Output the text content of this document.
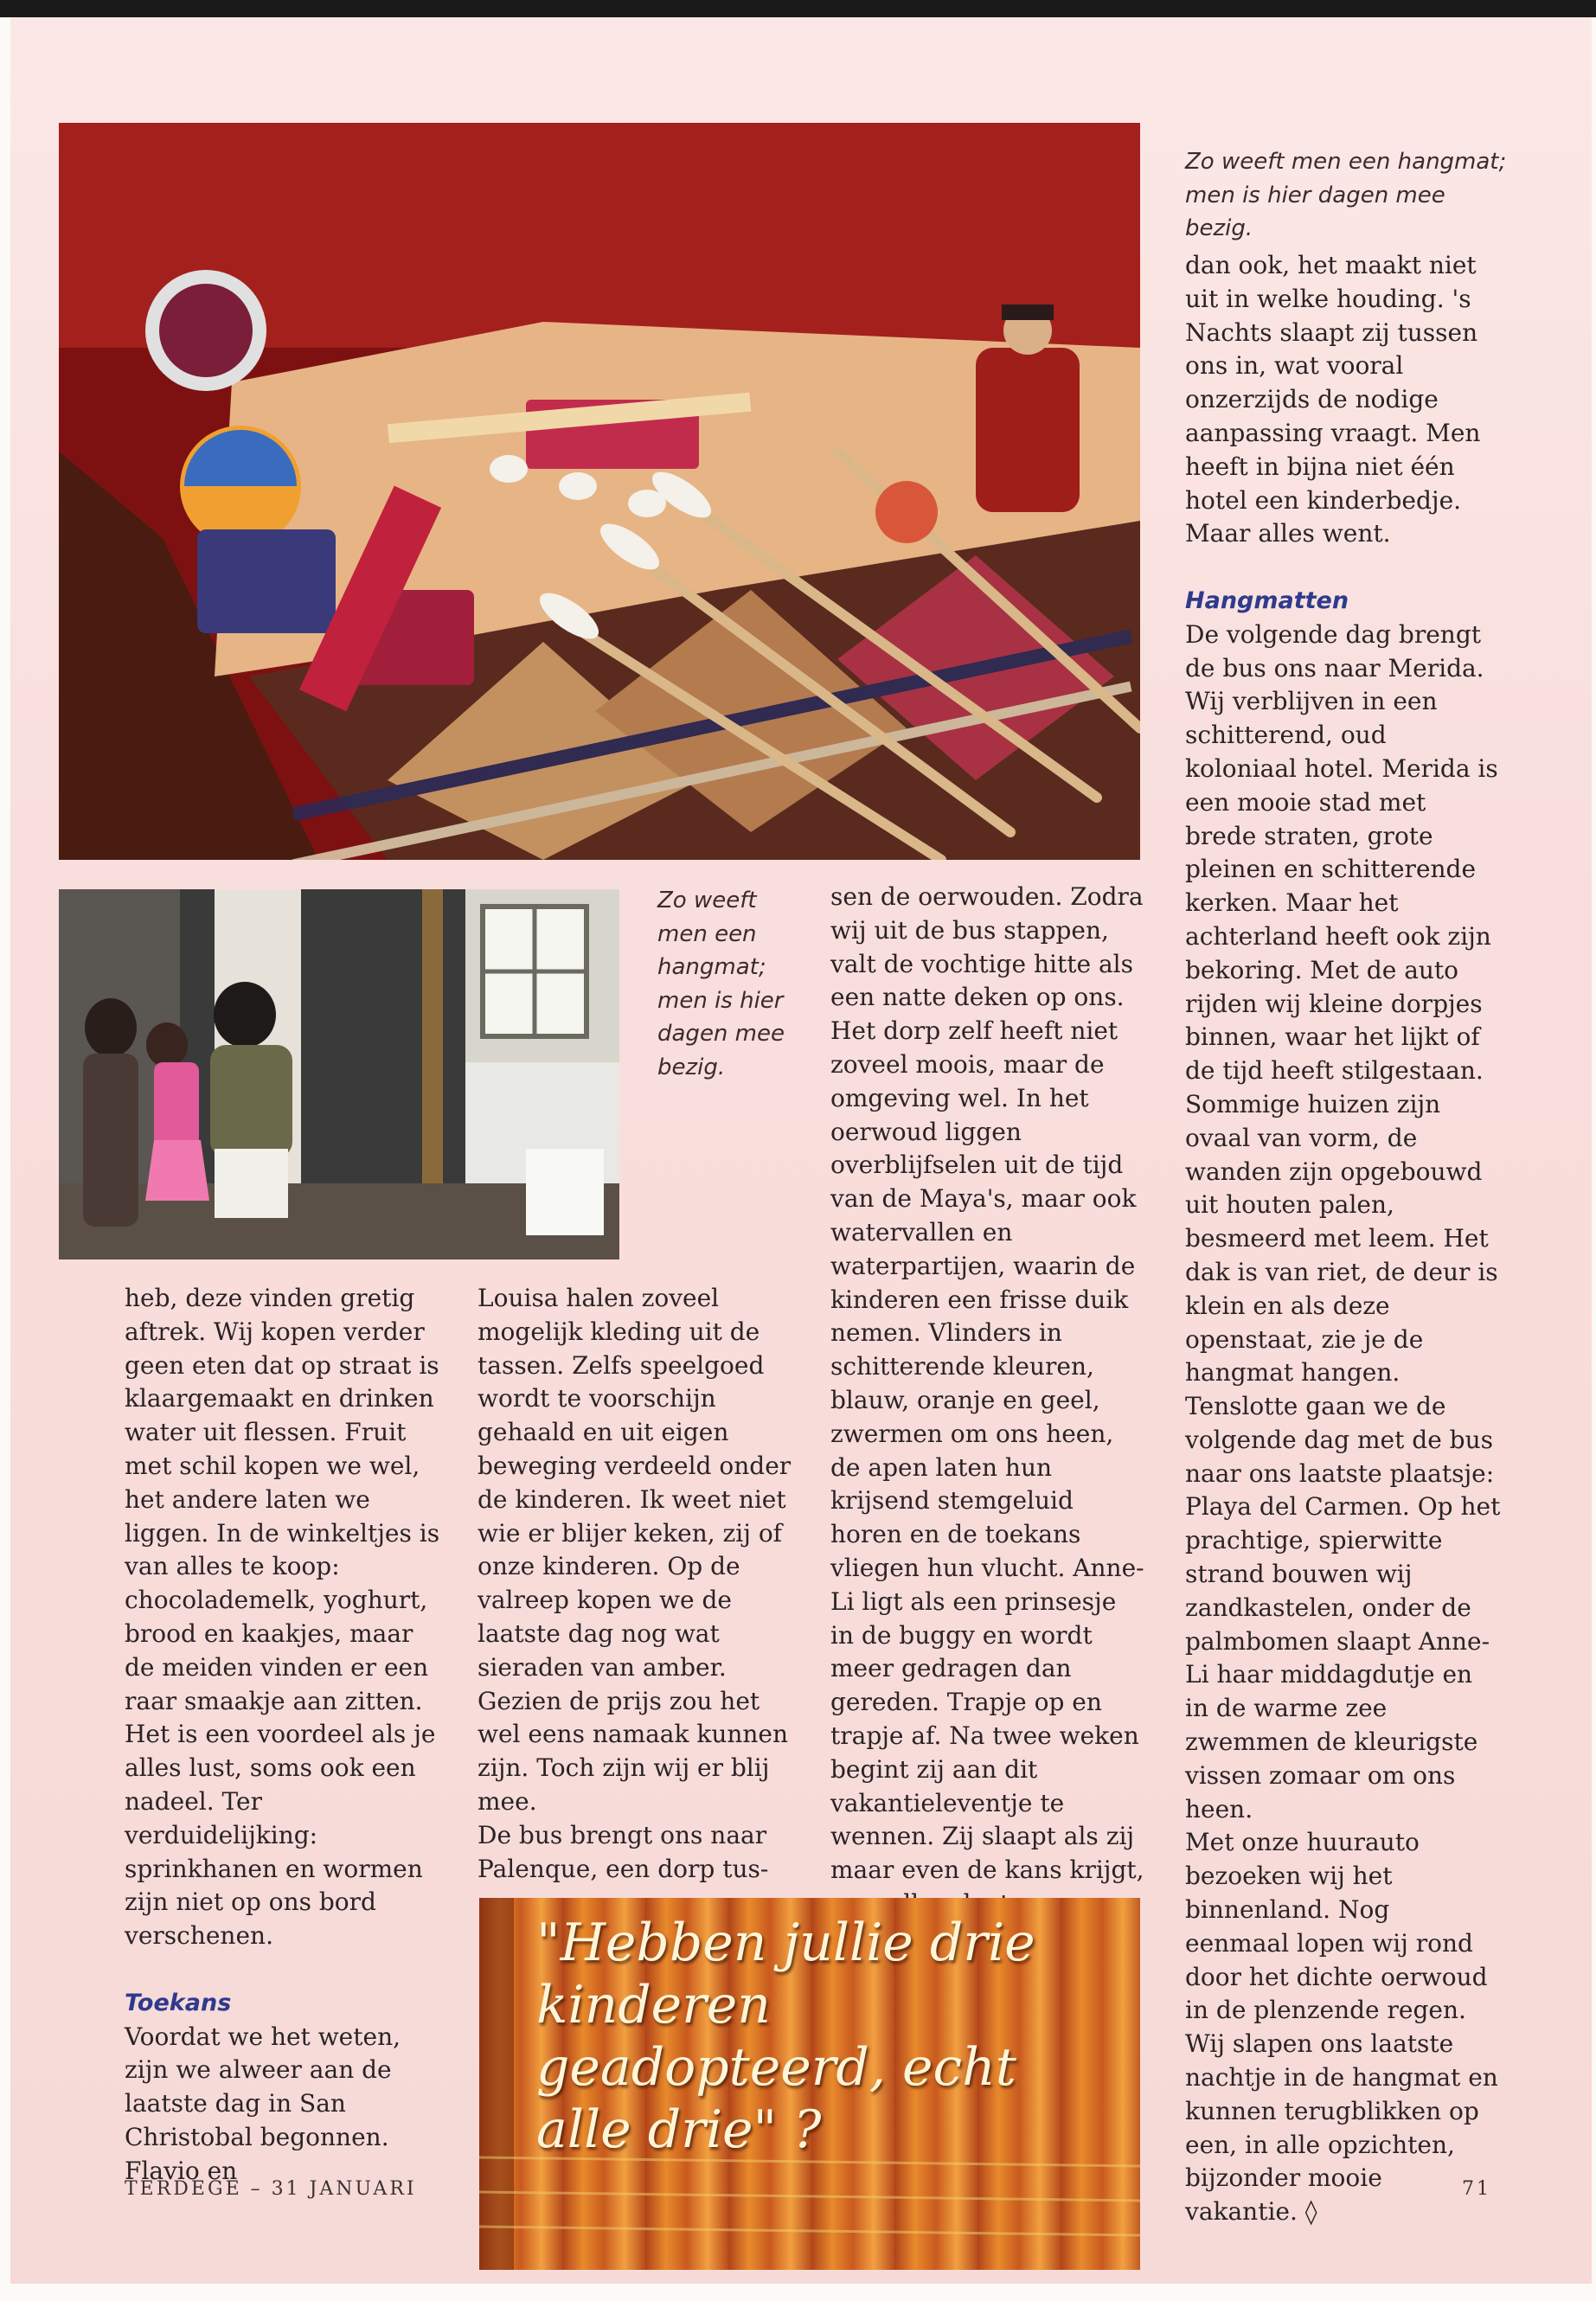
Zo weeft men een hangmat; men is hier dagen mee bezig.
Zo weeft men een hangmat; men is hier dagen mee bezig.

heb, deze vinden gretig aftrek. Wij kopen verder geen eten dat op straat is klaargemaakt en drinken water uit flessen. Fruit met schil kopen we wel, het andere laten we liggen. In de winkeltjes is van alles te koop: chocolademelk, yoghurt, brood en kaakjes, maar de meiden vinden er een raar smaakje aan zitten. Het is een voordeel als je alles lust, soms ook een nadeel. Ter verduidelijking: sprinkhanen en wormen zijn niet op ons bord verschenen.

Toekans

Voordat we het weten, zijn we alweer aan de laatste dag in San Christobal begonnen. Flavio en

Louisa halen zoveel mogelijk kleding uit de tassen. Zelfs speelgoed wordt te voorschijn gehaald en uit eigen beweging verdeeld onder de kinderen. Ik weet niet wie er blijer keken, zij of onze kinderen. Op de valreep kopen we de laatste dag nog wat sieraden van amber. Gezien de prijs zou het wel eens namaak kunnen zijn. Toch zijn wij er blij mee.

De bus brengt ons naar Palenque, een dorp tus-

sen de oerwouden. Zodra wij uit de bus stappen, valt de vochtige hitte als een natte deken op ons. Het dorp zelf heeft niet zoveel moois, maar de omgeving wel. In het oerwoud liggen overblijfselen uit de tijd van de Maya's, maar ook watervallen en waterpartijen, waarin de kinderen een frisse duik nemen. Vlinders in schitterende kleuren, blauw, oranje en geel, zwermen om ons heen, de apen laten hun krijsend stemgeluid horen en de toekans vliegen hun vlucht. Anne-Li ligt als een prinsesje in de buggy en wordt meer gedragen dan gereden. Trapje op en trapje af. Na twee weken begint zij aan dit vakantieleventje te wennen. Zij slaapt als zij maar even de kans krijgt,

dan ook, het maakt niet uit in welke houding. 's Nachts slaapt zij tussen ons in, wat vooral onzerzijds de nodige aanpassing vraagt. Men heeft in bijna niet één hotel een kinderbedje. Maar alles went.

Hangmatten

De volgende dag brengt de bus ons naar Merida. Wij verblijven in een schitterend, oud koloniaal hotel. Merida is een mooie stad met brede straten, grote pleinen en schitterende kerken. Maar het achterland heeft ook zijn bekoring. Met de auto rijden wij kleine dorpjes binnen, waar het lijkt of de tijd heeft stilgestaan. Sommige huizen zijn ovaal van vorm, de wanden zijn opgebouwd uit houten palen, besmeerd met leem. Het dak is van riet, de deur is klein en als deze openstaat, zie je de hangmat hangen.

Tenslotte gaan we de volgende dag met de bus naar ons laatste plaatsje: Playa del Carmen. Op het prachtige, spierwitte strand bouwen wij zandkastelen, onder de palmbomen slaapt Anne-Li haar middagdutje en in de warme zee zwemmen de kleurigste vissen zomaar om ons heen.

Met onze huurauto bezoeken wij het binnenland. Nog eenmaal lopen wij rond door het dichte oerwoud in de plenzende regen. Wij slapen ons laatste nachtje in de hangmat en kunnen terugblikken op een, in alle opzichten, bijzonder mooie vakantie. ◊

"Hebben jullie drie kinderen geadopteerd, echt alle drie" ?
TERDEGE – 31 JANUARI	71
